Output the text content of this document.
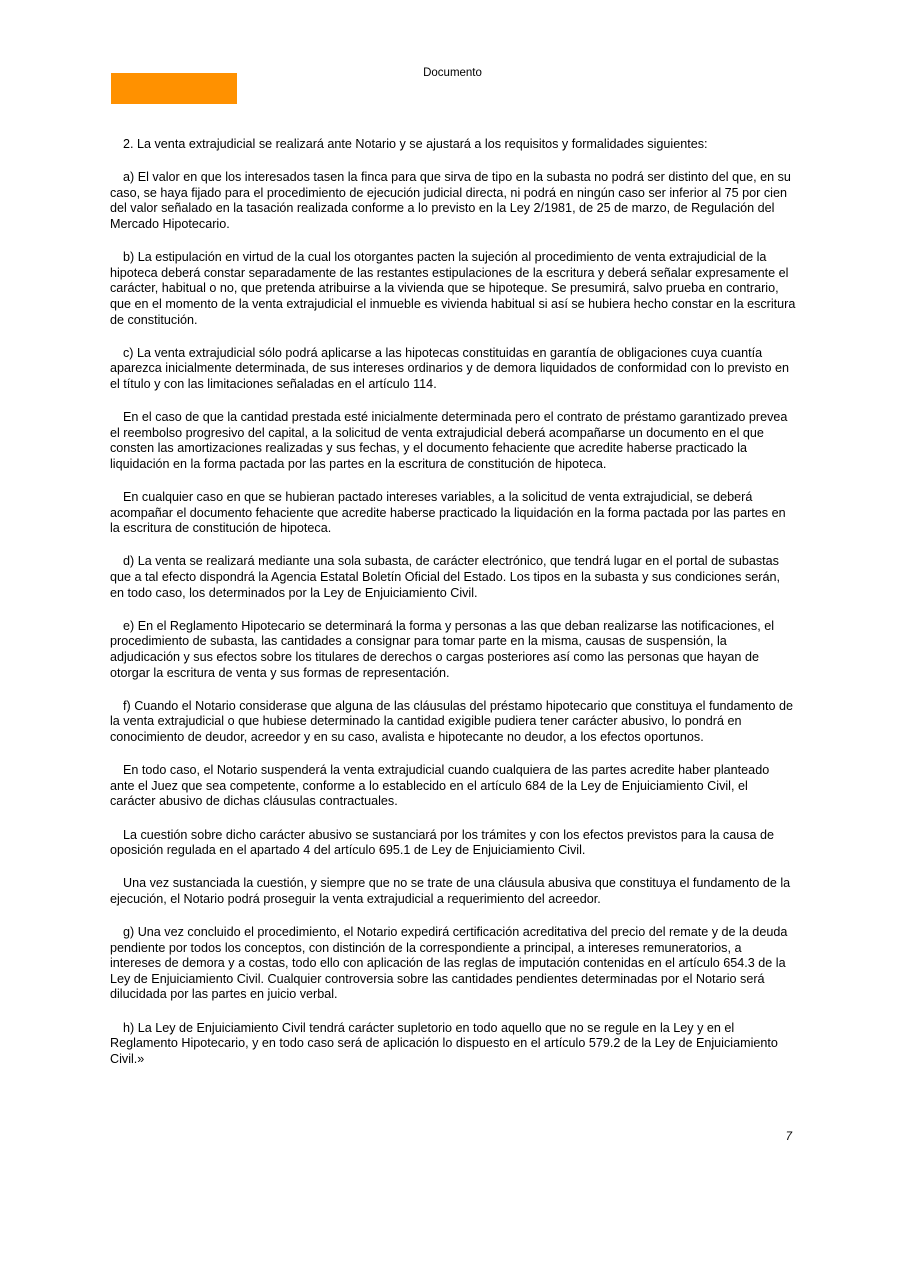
Documento

2. La venta extrajudicial se realizará ante Notario y se ajustará a los requisitos y formalidades siguientes:

a) El valor en que los interesados tasen la finca para que sirva de tipo en la subasta no podrá ser distinto del que, en su caso, se haya fijado para el procedimiento de ejecución judicial directa, ni podrá en ningún caso ser inferior al 75 por cien del valor señalado en la tasación realizada conforme a lo previsto en la Ley 2/1981, de 25 de marzo, de Regulación del Mercado Hipotecario.

b) La estipulación en virtud de la cual los otorgantes pacten la sujeción al procedimiento de venta extrajudicial de la hipoteca deberá constar separadamente de las restantes estipulaciones de la escritura y deberá señalar expresamente el carácter, habitual o no, que pretenda atribuirse a la vivienda que se hipoteque. Se presumirá, salvo prueba en contrario, que en el momento de la venta extrajudicial el inmueble es vivienda habitual si así se hubiera hecho constar en la escritura de constitución.

c) La venta extrajudicial sólo podrá aplicarse a las hipotecas constituidas en garantía de obligaciones cuya cuantía aparezca inicialmente determinada, de sus intereses ordinarios y de demora liquidados de conformidad con lo previsto en el título y con las limitaciones señaladas en el artículo 114.

En el caso de que la cantidad prestada esté inicialmente determinada pero el contrato de préstamo garantizado prevea el reembolso progresivo del capital, a la solicitud de venta extrajudicial deberá acompañarse un documento en el que consten las amortizaciones realizadas y sus fechas, y el documento fehaciente que acredite haberse practicado la liquidación en la forma pactada por las partes en la escritura de constitución de hipoteca.

En cualquier caso en que se hubieran pactado intereses variables, a la solicitud de venta extrajudicial, se deberá acompañar el documento fehaciente que acredite haberse practicado la liquidación en la forma pactada por las partes en la escritura de constitución de hipoteca.

d) La venta se realizará mediante una sola subasta, de carácter electrónico, que tendrá lugar en el portal de subastas que a tal efecto dispondrá la Agencia Estatal Boletín Oficial del Estado. Los tipos en la subasta y sus condiciones serán, en todo caso, los determinados por la Ley de Enjuiciamiento Civil.

e) En el Reglamento Hipotecario se determinará la forma y personas a las que deban realizarse las notificaciones, el procedimiento de subasta, las cantidades a consignar para tomar parte en la misma, causas de suspensión, la adjudicación y sus efectos sobre los titulares de derechos o cargas posteriores así como las personas que hayan de otorgar la escritura de venta y sus formas de representación.

f) Cuando el Notario considerase que alguna de las cláusulas del préstamo hipotecario que constituya el fundamento de la venta extrajudicial o que hubiese determinado la cantidad exigible pudiera tener carácter abusivo, lo pondrá en conocimiento de deudor, acreedor y en su caso, avalista e hipotecante no deudor, a los efectos oportunos.

En todo caso, el Notario suspenderá la venta extrajudicial cuando cualquiera de las partes acredite haber planteado ante el Juez que sea competente, conforme a lo establecido en el artículo 684 de la Ley de Enjuiciamiento Civil, el carácter abusivo de dichas cláusulas contractuales.

La cuestión sobre dicho carácter abusivo se sustanciará por los trámites y con los efectos previstos para la causa de oposición regulada en el apartado 4 del artículo 695.1 de Ley de Enjuiciamiento Civil.

Una vez sustanciada la cuestión, y siempre que no se trate de una cláusula abusiva que constituya el fundamento de la ejecución, el Notario podrá proseguir la venta extrajudicial a requerimiento del acreedor.

g) Una vez concluido el procedimiento, el Notario expedirá certificación acreditativa del precio del remate y de la deuda pendiente por todos los conceptos, con distinción de la correspondiente a principal, a intereses remuneratorios, a intereses de demora y a costas, todo ello con aplicación de las reglas de imputación contenidas en el artículo 654.3 de la Ley de Enjuiciamiento Civil. Cualquier controversia sobre las cantidades pendientes determinadas por el Notario será dilucidada por las partes en juicio verbal.

h) La Ley de Enjuiciamiento Civil tendrá carácter supletorio en todo aquello que no se regule en la Ley y en el Reglamento Hipotecario, y en todo caso será de aplicación lo dispuesto en el artículo 579.2 de la Ley de Enjuiciamiento Civil.»

7
